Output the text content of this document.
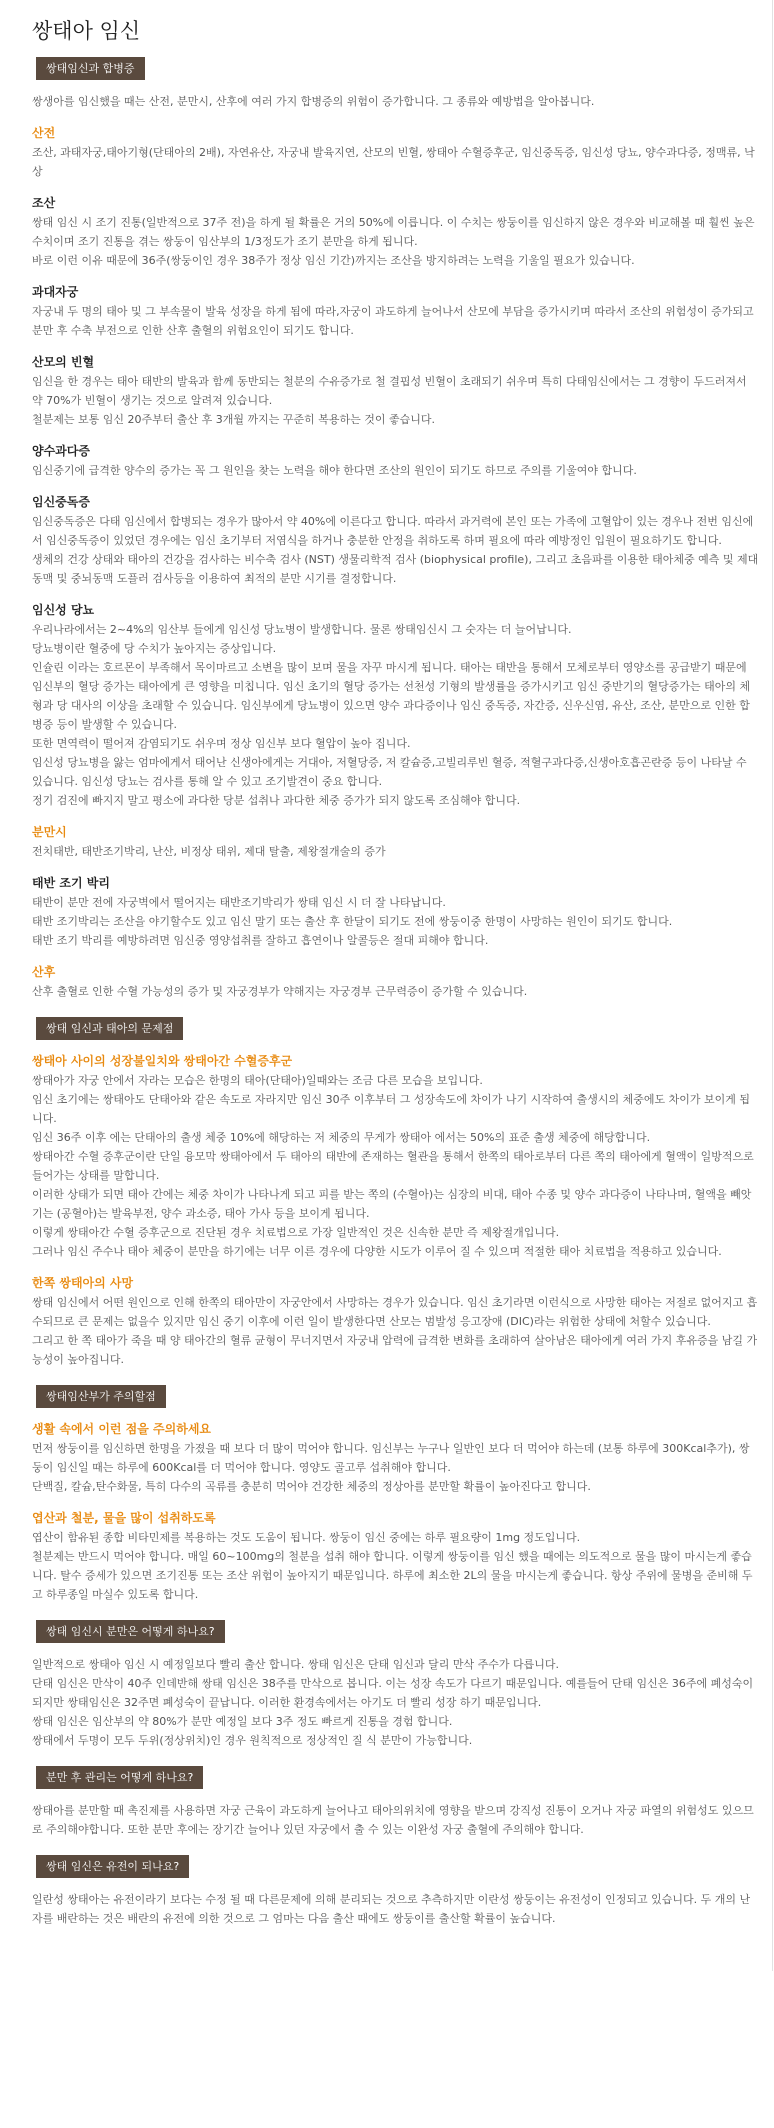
쌍태아 임신
쌍태임신과 합병증

쌍생아를 임신했을 때는 산전, 분만시, 산후에 여러 가지 합병증의 위험이 증가합니다. 그 종류와 예방법을 알아봅니다.

산전

조산, 과태자궁,태아기형(단태아의 2배), 자연유산, 자궁내 발육지연, 산모의 빈혈, 쌍태아 수혈증후군, 임신중독증, 임신성 당뇨, 양수과다증, 정맥류, 낙상

조산

쌍태 임신 시 조기 진통(일반적으로 37주 전)을 하게 될 확률은 거의 50%에 이릅니다. 이 수치는 쌍둥이를 임신하지 않은 경우와 비교해볼 때 훨씬 높은 수치이며 조기 진통을 겪는 쌍둥이 임산부의 1/3정도가 조기 분만을 하게 됩니다.

바로 이런 이유 때문에 36주(쌍둥이인 경우 38주가 정상 임신 기간)까지는 조산을 방지하려는 노력을 기울일 필요가 있습니다.

과대자궁

자궁내 두 명의 태아 및 그 부속물이 발육 성장을 하게 됨에 따라,자궁이 과도하게 늘어나서 산모에 부담을 증가시키며 따라서 조산의 위험성이 증가되고 분만 후 수축 부전으로 인한 산후 출혈의 위험요인이 되기도 합니다.

산모의 빈혈

임신을 한 경우는 태아 태반의 발육과 함께 동반되는 철분의 수유증가로 철 결핍성 빈혈이 초래되기 쉬우며 특히 다태임신에서는 그 경향이 두드러져서 약 70%가 빈혈이 생기는 것으로 알려져 있습니다.

철분제는 보통 임신 20주부터 출산 후 3개월 까지는 꾸준히 복용하는 것이 좋습니다.

양수과다증

임신중기에 급격한 양수의 증가는 꼭 그 원인을 찾는 노력을 해야 한다면 조산의 원인이 되기도 하므로 주의를 기울여야 합니다.

임신중독증

임신중독증은 다태 임신에서 합병되는 경우가 많아서 약 40%에 이른다고 합니다. 따라서 과거력에 본인 또는 가족에 고혈압이 있는 경우나 전번 임신에서 임신중독증이 있었던 경우에는 임신 초기부터 저염식을 하거나 충분한 안정을 취하도록 하며 필요에 따라 예방정인 입원이 필요하기도 합니다.

생체의 건강 상태와 태아의 건강을 검사하는 비수축 검사 (NST) 생물리학적 검사 (biophysical profile), 그리고 초음파를 이용한 태아체중 예측 및 제대 동맥 및 중뇌동맥 도플러 검사등을 이용하여 최적의 분만 시기를 결정합니다.

임신성 당뇨

우리나라에서는 2~4%의 임산부 들에게 임신성 당뇨병이 발생합니다. 물론 쌍태임신시 그 숫자는 더 늘어납니다.

당뇨병이란 혈중에 당 수치가 높아지는 증상입니다.

인슐린 이라는 호르몬이 부족해서 목이마르고 소변을 많이 보며 물을 자꾸 마시게 됩니다. 태아는 태반을 통해서 모체로부터 영양소를 공급받기 때문에 임신부의 혈당 증가는 태아에게 큰 영향을 미칩니다. 임신 초기의 혈당 증가는 선천성 기형의 발생률을 증가시키고 임신 중반기의 혈당증가는 태아의 체형과 당 대사의 이상을 초래할 수 있습니다. 임신부에게 당뇨병이 있으면 양수 과다증이나 임신 중독증, 자간증, 신우신염, 유산, 조산, 분만으로 인한 합병증 등이 발생할 수 있습니다.

또한 면역력이 떨어져 감염되기도 쉬우며 정상 임신부 보다 혈압이 높아 집니다.

임신성 당뇨병을 앓는 엄마에게서 태어난 신생아에게는 거대아, 저혈당증, 저 칼슘증,고빌리루빈 혈증, 적혈구과다증,신생아호흡곤란증 등이 나타날 수 있습니다. 임신성 당뇨는 검사를 통해 알 수 있고 조기발견이 중요 합니다.

정기 검진에 빠지지 말고 평소에 과다한 당분 섭취나 과다한 체중 증가가 되지 않도록 조심해야 합니다.

분만시

전치태반, 태반조기박리, 난산, 비정상 태위, 제대 탈출, 제왕절개술의 증가

태반 조기 박리

태반이 분만 전에 자궁벽에서 떨어지는 태반조기박리가 쌍태 임신 시 더 잘 나타납니다.

태반 조기박리는 조산을 야기할수도 있고 임신 말기 또는 출산 후 한달이 되기도 전에 쌍둥이중 한명이 사망하는 원인이 되기도 합니다.

태반 조기 박리를 예방하려면 임신중 영양섭취를 잘하고 흡연이나 알콜등은 절대 피해야 합니다.

산후

산후 출혈로 인한 수혈 가능성의 증가 및 자궁경부가 약해지는 자궁경부 근무력증이 증가할 수 있습니다.

쌍태 임신과 태아의 문제점
쌍태아 사이의 성장불일치와 쌍태아간 수혈증후군

쌍태아가 자궁 안에서 자라는 모습은 한명의 태아(단태아)일때와는 조금 다른 모습을 보입니다.

임신 초기에는 쌍태아도 단태아와 같은 속도로 자라지만 임신 30주 이후부터 그 성장속도에 차이가 나기 시작하여 출생시의 체중에도 차이가 보이게 됩니다.

임신 36주 이후 에는 단태아의 출생 체중 10%에 해당하는 저 체중의 무게가 쌍태아 에서는 50%의 표준 출생 체중에 해당합니다.

쌍태아간 수혈 증후군이란 단일 융모막 쌍태아에서 두 태아의 태반에 존재하는 혈관을 통해서 한쪽의 태아로부터 다른 쪽의 태아에게 혈액이 일방적으로 들어가는 상태를 말합니다.

이러한 상태가 되면 태아 간에는 체중 차이가 나타나게 되고 피를 받는 쪽의 (수혈아)는 심장의 비대, 태아 수종 및 양수 과다증이 나타나며, 혈액을 빼앗기는 (공혈아)는 발육부전, 양수 과소증, 태아 가사 등을 보이게 됩니다.

이렇게 쌍태아간 수혈 증후군으로 진단된 경우 치료법으로 가장 일반적인 것은 신속한 분만 즉 제왕절개입니다.

그러나 임신 주수나 태아 체중이 분만을 하기에는 너무 이른 경우에 다양한 시도가 이루어 질 수 있으며 적절한 태아 치료법을 적용하고 있습니다.

한쪽 쌍태아의 사망

쌍태 임신에서 어떤 원인으로 인해 한쪽의 태아만이 자궁안에서 사망하는 경우가 있습니다. 임신 초기라면 이런식으로 사망한 태아는 저절로 없어지고 흡수되므로 큰 문제는 없을수 있지만 임신 중기 이후에 이런 일이 발생한다면 산모는 범발성 응고장애 (DIC)라는 위험한 상태에 처할수 있습니다.

그리고 한 쪽 태아가 죽을 때 양 태아간의 혈류 균형이 무너지면서 자궁내 압력에 급격한 변화를 초래하여 살아남은 태아에게 여러 가지 후유증을 남길 가능성이 높아집니다.

쌍태임산부가 주의할점
생활 속에서 이런 점을 주의하세요

먼저 쌍둥이를 임신하면 한명을 가졌을 때 보다 더 많이 먹어야 합니다. 임신부는 누구나 일반인 보다 더 먹어야 하는데 (보통 하루에 300Kcal추가), 쌍둥이 임신일 때는 하루에 600Kcal를 더 먹어야 합니다. 영양도 골고루 섭취해야 합니다.

단백질, 칼슘,탄수화물, 특히 다수의 곡류를 충분히 먹어야 건강한 체중의 정상아를 분만할 확률이 높아진다고 합니다.

엽산과 철분, 물을 많이 섭취하도록

엽산이 함유된 종합 비타민제를 복용하는 것도 도움이 됩니다. 쌍둥이 임신 중에는 하루 필요량이 1mg 정도입니다.

철분제는 반드시 먹어야 합니다. 매일 60~100mg의 철분을 섭취 해야 합니다. 이렇게 쌍둥이를 임신 했을 때에는 의도적으로 물을 많이 마시는게 좋습니다. 탈수 증세가 있으면 조기진통 또는 조산 위험이 높아지기 때문입니다. 하루에 최소한 2L의 물을 마시는게 좋습니다. 항상 주위에 물병을 준비해 두고 하루종일 마실수 있도록 합니다.

쌍태 임신시 분만은 어떻게 하나요?

일반적으로 쌍태아 임신 시 예정일보다 빨리 출산 합니다. 쌍태 임신은 단태 임신과 달리 만삭 주수가 다릅니다.

단태 임신은 만삭이 40주 인데반해 쌍태 임신은 38주를 만삭으로 봅니다. 이는 성장 속도가 다르기 때문입니다. 예를들어 단태 임신은 36주에 폐성숙이 되지만 쌍태임신은 32주면 폐성숙이 끝납니다. 이러한 환경속에서는 아기도 더 빨리 성장 하기 때문입니다.

쌍태 임신은 임산부의 약 80%가 분만 예정일 보다 3주 정도 빠르게 진통을 경험 합니다.

쌍태에서 두명이 모두 두위(정상위치)인 경우 원칙적으로 정상적인 질 식 분만이 가능합니다.

분만 후 관리는 어떻게 하나요?

쌍태아를 분만할 때 촉진제를 사용하면 자궁 근육이 과도하게 늘어나고 태아의위치에 영향을 받으며 강직성 진통이 오거나 자궁 파열의 위험성도 있으므로 주의해야합니다. 또한 분만 후에는 장기간 늘어나 있던 자궁에서 출 수 있는 이완성 자궁 출혈에 주의해야 합니다.

쌍태 임신은 유전이 되나요?

일란성 쌍태아는 유전이라기 보다는 수정 될 때 다른문제에 의해 분리되는 것으로 추측하지만 이란성 쌍둥이는 유전성이 인정되고 있습니다. 두 개의 난자를 배란하는 것은 배란의 유전에 의한 것으로 그 엄마는 다음 출산 때에도 쌍둥이를 출산할 확률이 높습니다.
